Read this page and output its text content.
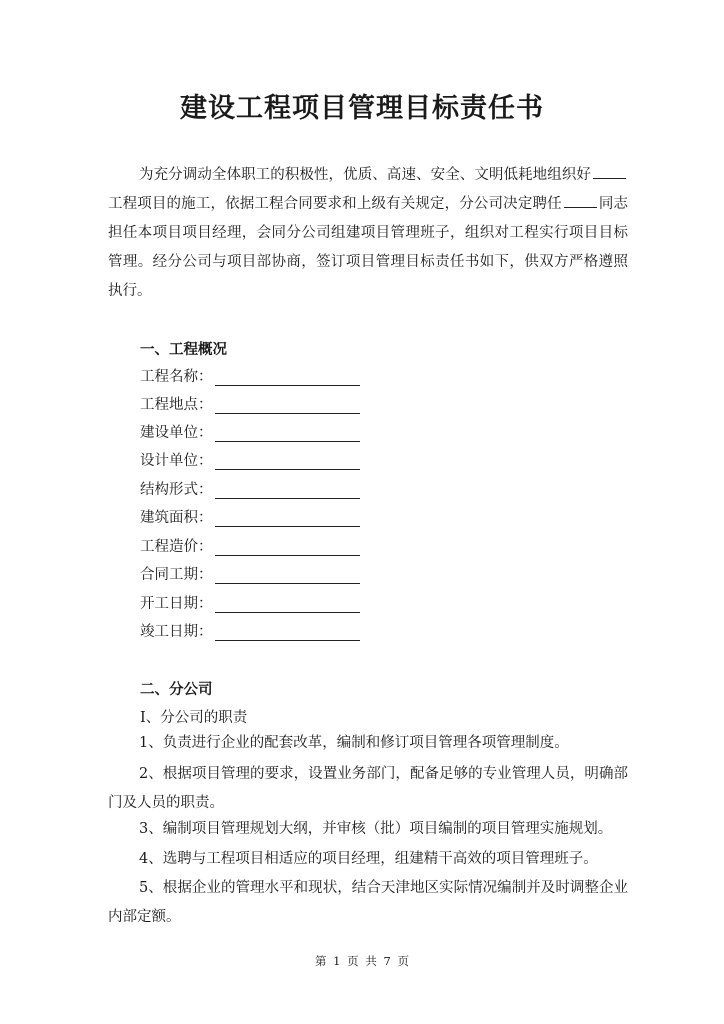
建设工程项目管理目标责任书
为充分调动全体职工的积极性，优质、高速、安全、文明低耗地组织好工程项目的施工，依据工程合同要求和上级有关规定，分公司决定聘任	同志担任本项目项目经理，会同分公司组建项目管理班子，组织对工程实行项目目标管理。经分公司与项目部协商，签订项目管理目标责任书如下，供双方严格遵照执行。
一、工程概况
工程名称：
工程地点：
建设单位：
设计单位：
结构形式：
建筑面积：
工程造价：
合同工期：
开工日期：
竣工日期：
二、分公司
Ⅰ、分公司的职责
1、负责进行企业的配套改革，编制和修订项目管理各项管理制度。
2、根据项目管理的要求，设置业务部门，配备足够的专业管理人员，明确部门及人员的职责。
3、编制项目管理规划大纲，并审核（批）项目编制的项目管理实施规划。
4、选聘与工程项目相适应的项目经理，组建精干高效的项目管理班子。
5、根据企业的管理水平和现状，结合天津地区实际情况编制并及时调整企业内部定额。
第 1 页 共 7 页
